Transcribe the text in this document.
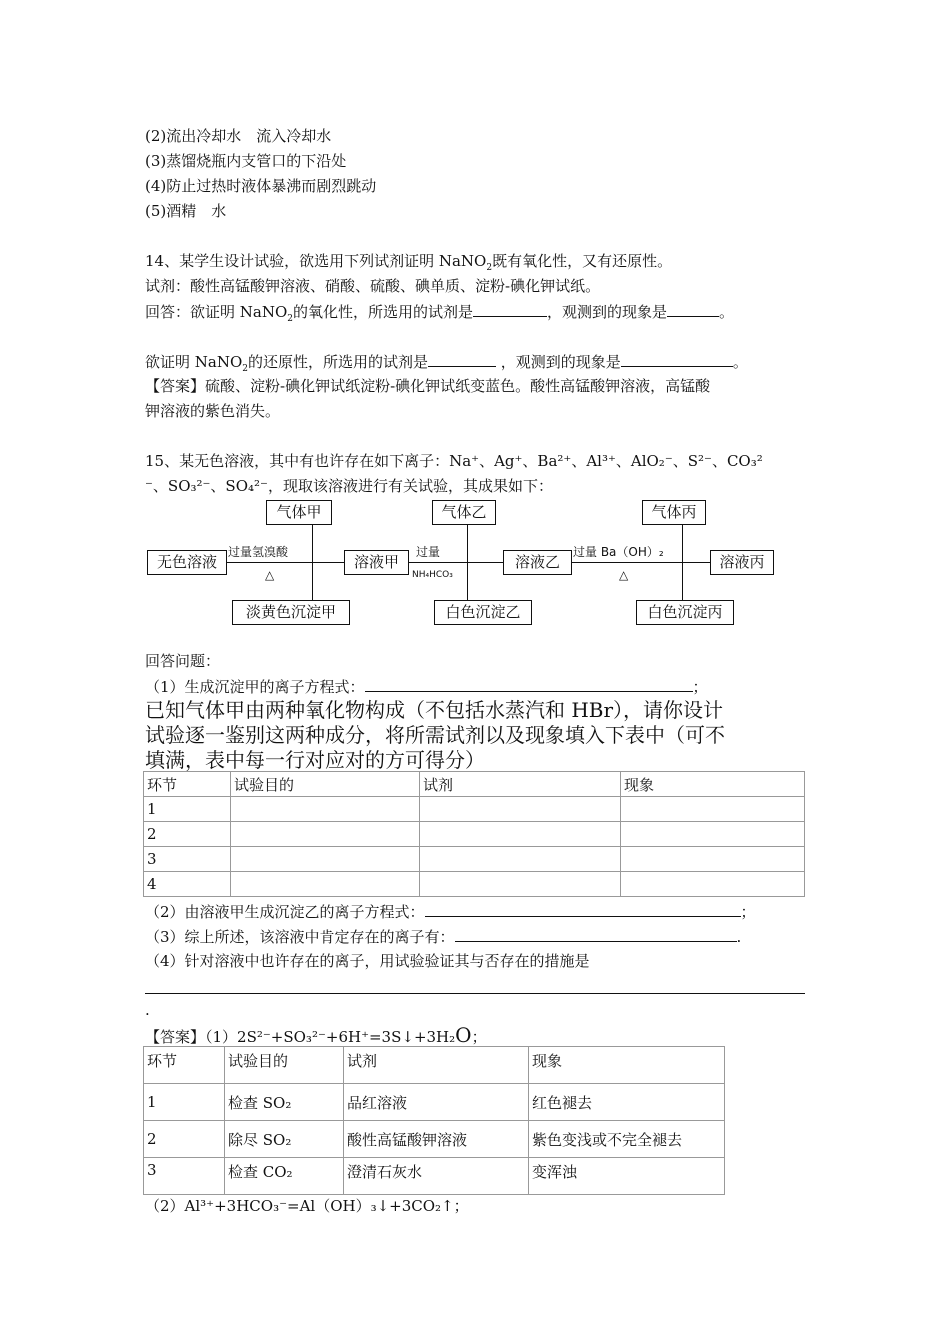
(2)流出冷却水　流入冷却水
(3)蒸馏烧瓶内支管口的下沿处
(4)防止过热时液体暴沸而剧烈跳动
(5)酒精　水
14、某学生设计试验，欲选用下列试剂证明 NaNO$_2$既有氧化性，又有还原性。
试剂：酸性高锰酸钾溶液、硝酸、硫酸、碘单质、淀粉-碘化钾试纸。
回答：欲证明 NaNO$_2$的氧化性，所选用的试剂是	，观测到的现象是	。
欲证明 NaNO$_2$的还原性，所选用的试剂是	，观测到的现象是	。
【答案】硫酸、淀粉-碘化钾试纸淀粉-碘化钾试纸变蓝色。酸性高锰酸钾溶液，高锰酸
钾溶液的紫色消失。
15、某无色溶液，其中有也许存在如下离子：Na⁺、Ag⁺、Ba²⁺、Al³⁺、AlO₂⁻、S²⁻、CO₃²
⁻、SO₃²⁻、SO₄²⁻，现取该溶液进行有关试验，其成果如下：
无色溶液	溶液甲	溶液乙	溶液丙
气体甲	气体乙	气体丙
淡黄色沉淀甲	白色沉淀乙	白色沉淀丙
过量氢溴酸
△
过量
NH₄HCO₃
过量 Ba（OH）₂
△
回答问题：
（1）生成沉淀甲的离子方程式：	；
已知气体甲由两种氧化物构成（不包括水蒸汽和 HBr），请你设计
试验逐一鉴别这两种成分，将所需试剂以及现象填入下表中（可不
填满，表中每一行对应对的方可得分）
环节	试验目的	试剂	现象
1			
2			
3			
4			
（2）由溶液甲生成沉淀乙的离子方程式：	；
（3）综上所述，该溶液中肯定存在的离子有：	.
（4）针对溶液中也许存在的离子，用试验验证其与否存在的措施是
.
【答案】（1）2S²⁻+SO₃²⁻+6H⁺=3S↓+3H₂O；
环节	试验目的	试剂	现象
1	检查 SO₂	品红溶液	红色褪去
2	除尽 SO₂	酸性高锰酸钾溶液	紫色变浅或不完全褪去
3	检查 CO₂	澄清石灰水	变浑浊
（2）Al³⁺+3HCO₃⁻=Al（OH）₃↓+3CO₂↑；
